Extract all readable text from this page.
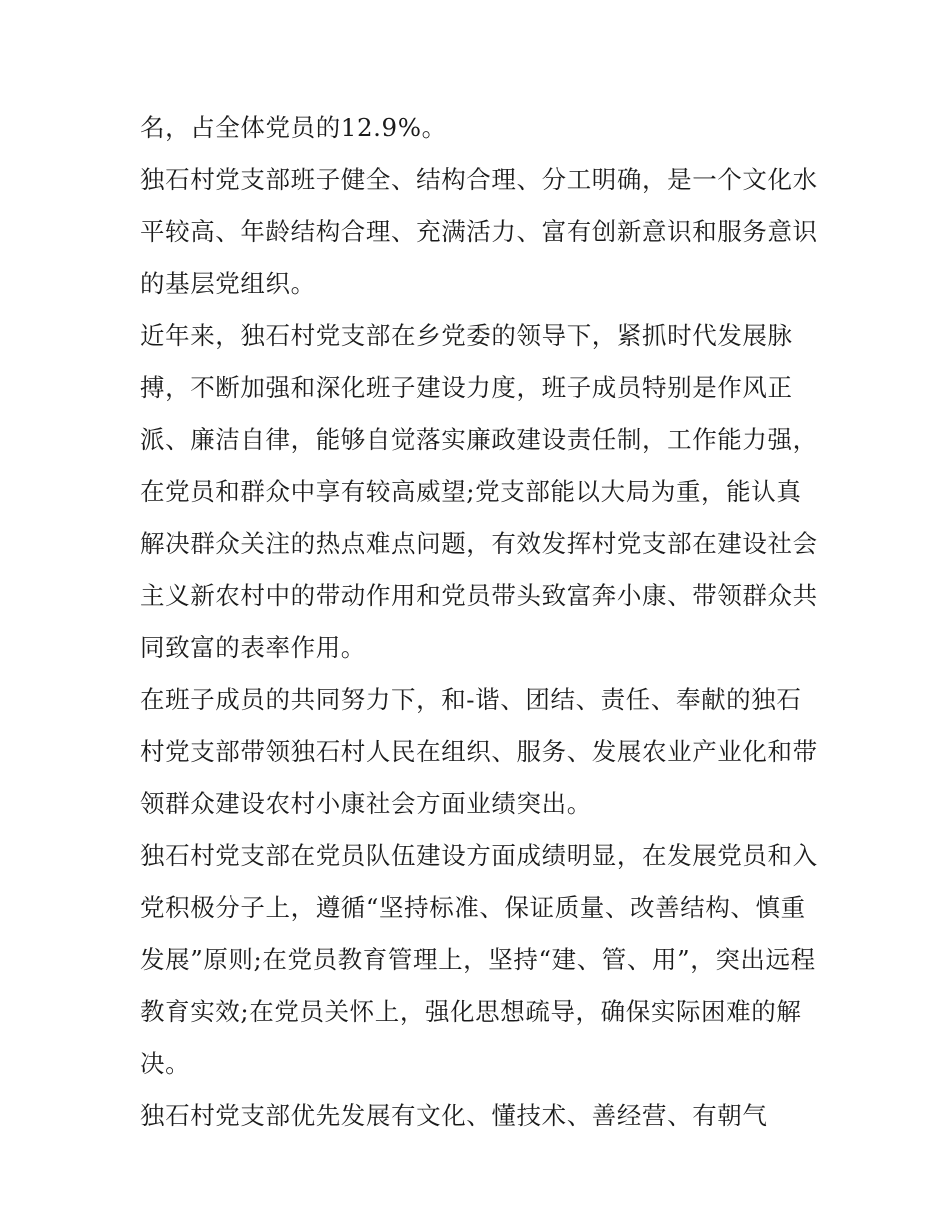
名，占全体党员的12.9%。

独石村党支部班子健全、结构合理、分工明确，是一个文化水
平较高、年龄结构合理、充满活力、富有创新意识和服务意识
的基层党组织。

近年来，独石村党支部在乡党委的领导下，紧抓时代发展脉
搏，不断加强和深化班子建设力度，班子成员特别是作风正
派、廉洁自律，能够自觉落实廉政建设责任制，工作能力强，
在党员和群众中享有较高威望;党支部能以大局为重，能认真
解决群众关注的热点难点问题，有效发挥村党支部在建设社会
主义新农村中的带动作用和党员带头致富奔小康、带领群众共
同致富的表率作用。

在班子成员的共同努力下，和-谐、团结、责任、奉献的独石
村党支部带领独石村人民在组织、服务、发展农业产业化和带
领群众建设农村小康社会方面业绩突出。

独石村党支部在党员队伍建设方面成绩明显，在发展党员和入
党积极分子上，遵循“坚持标准、保证质量、改善结构、慎重
发展”原则;在党员教育管理上，坚持“建、管、用”，突出远程
教育实效;在党员关怀上，强化思想疏导，确保实际困难的解
决。

独石村党支部优先发展有文化、懂技术、善经营、有朝气
